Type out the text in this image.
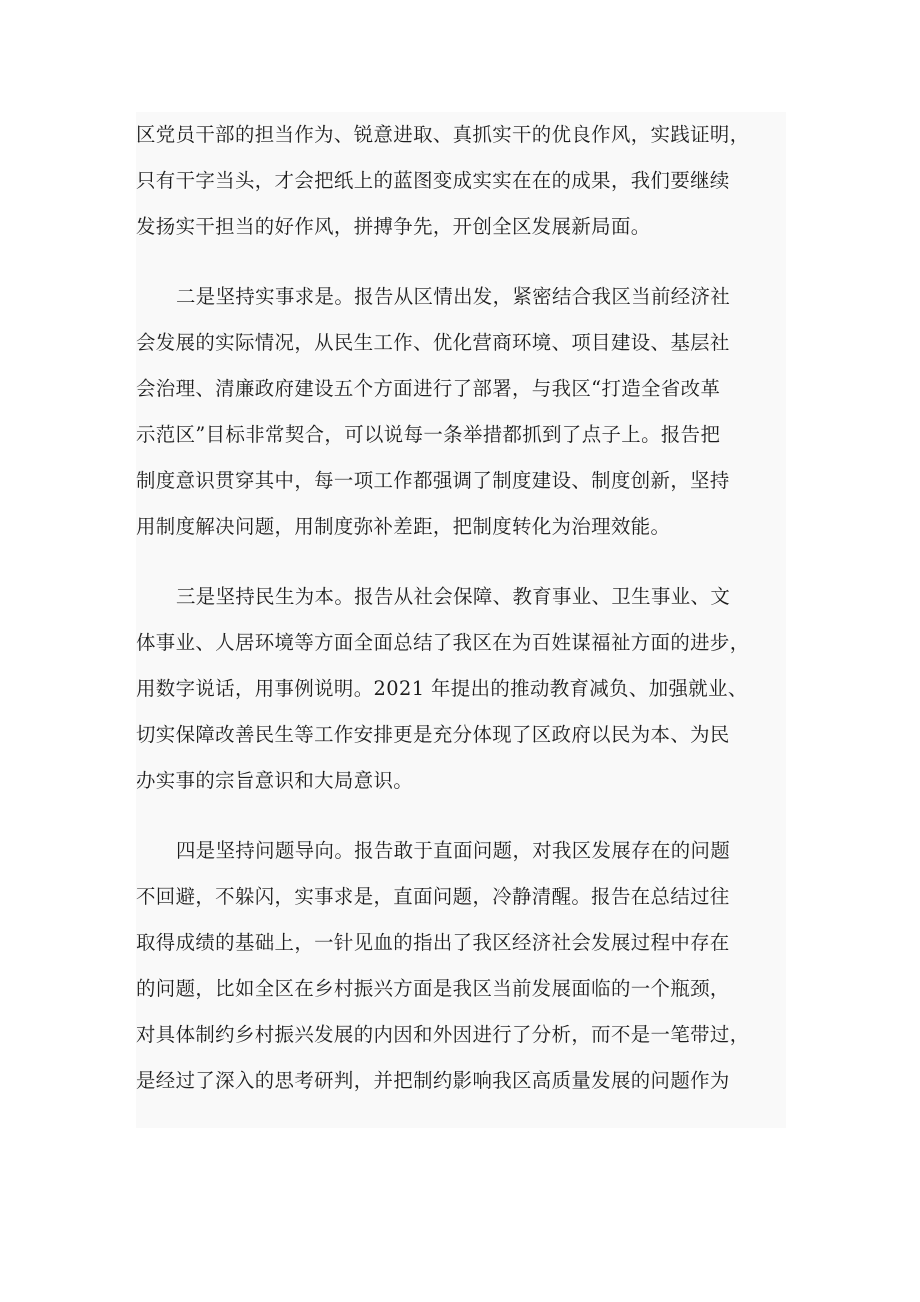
区党员干部的担当作为、锐意进取、真抓实干的优良作风，实践证明，
只有干字当头，才会把纸上的蓝图变成实实在在的成果，我们要继续
发扬实干担当的好作风，拼搏争先，开创全区发展新局面。
二是坚持实事求是。报告从区情出发，紧密结合我区当前经济社
会发展的实际情况，从民生工作、优化营商环境、项目建设、基层社
会治理、清廉政府建设五个方面进行了部署，与我区“打造全省改革
示范区”目标非常契合，可以说每一条举措都抓到了点子上。报告把
制度意识贯穿其中，每一项工作都强调了制度建设、制度创新，坚持
用制度解决问题，用制度弥补差距，把制度转化为治理效能。
三是坚持民生为本。报告从社会保障、教育事业、卫生事业、文
体事业、人居环境等方面全面总结了我区在为百姓谋福祉方面的进步，
用数字说话，用事例说明。2021 年提出的推动教育减负、加强就业、
切实保障改善民生等工作安排更是充分体现了区政府以民为本、为民
办实事的宗旨意识和大局意识。
四是坚持问题导向。报告敢于直面问题，对我区发展存在的问题
不回避，不躲闪，实事求是，直面问题，冷静清醒。报告在总结过往
取得成绩的基础上，一针见血的指出了我区经济社会发展过程中存在
的问题，比如全区在乡村振兴方面是我区当前发展面临的一个瓶颈，
对具体制约乡村振兴发展的内因和外因进行了分析，而不是一笔带过，
是经过了深入的思考研判，并把制约影响我区高质量发展的问题作为
